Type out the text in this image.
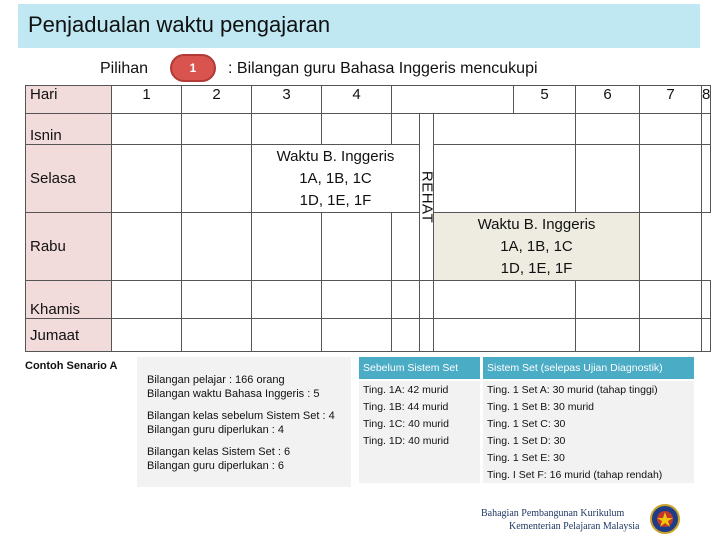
Penjadualan waktu pengajaran
Pilihan	1	: Bilangan guru Bahasa Inggeris mencukupi
Hari	1	2	3	4				5	6	7	8
Isnin						REHAT					

Selasa			Waktu B. Inggeris
1A, 1B, 1C
1D, 1E, 1F								

Rabu							Waktu B. Inggeris
1A, 1B, 1C
1D, 1E, 1F				

Khamis											
Jumaat											
Contoh Senario A

Bilangan pelajar : 166 orang

Bilangan waktu Bahasa Inggeris : 5

Bilangan kelas sebelum Sistem Set : 4

Bilangan guru diperlukan : 4

Bilangan kelas Sistem Set : 6

Bilangan guru diperlukan : 6

Sebelum Sistem Set	Sistem Set (selepas Ujian Diagnostik)
Ting. 1A: 42 murid	Ting. 1 Set A: 30 murid (tahap tinggi)
Ting. 1B: 44 murid	Ting. 1 Set B: 30 murid
Ting. 1C: 40 murid	Ting. 1 Set C: 30
Ting. 1D: 40 murid	Ting. 1 Set D: 30
	Ting. 1 Set E: 30
	Ting. I Set F: 16 murid (tahap rendah)
Bahagian Pembangunan Kurikulum
Kementerian Pelajaran Malaysia
